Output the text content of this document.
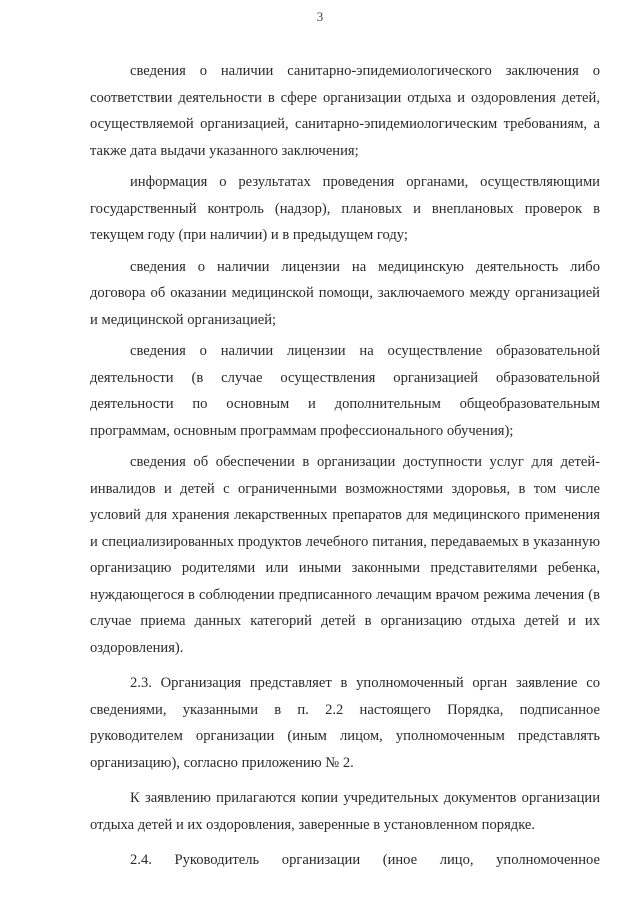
3

сведения о наличии санитарно-эпидемиологического заключения о соответствии деятельности в сфере организации отдыха и оздоровления детей, осуществляемой организацией, санитарно-эпидемиологическим требованиям, а также дата выдачи указанного заключения;

информация о результатах проведения органами, осуществляющими государственный контроль (надзор), плановых и внеплановых проверок в текущем году (при наличии) и в предыдущем году;

сведения о наличии лицензии на медицинскую деятельность либо договора об оказании медицинской помощи, заключаемого между организацией и медицинской организацией;

сведения о наличии лицензии на осуществление образовательной деятельности (в случае осуществления организацией образовательной деятельности по основным и дополнительным общеобразовательным программам, основным программам профессионального обучения);

сведения об обеспечении в организации доступности услуг для детей-инвалидов и детей с ограниченными возможностями здоровья, в том числе условий для хранения лекарственных препаратов для медицинского применения и специализированных продуктов лечебного питания, передаваемых в указанную организацию родителями или иными законными представителями ребенка, нуждающегося в соблюдении предписанного лечащим врачом режима лечения (в случае приема данных категорий детей в организацию отдыха детей и их оздоровления).

2.3. Организация представляет в уполномоченный орган заявление со сведениями, указанными в п. 2.2 настоящего Порядка, подписанное руководителем организации (иным лицом, уполномоченным представлять организацию), согласно приложению № 2.

К заявлению прилагаются копии учредительных документов организации отдыха детей и их оздоровления, заверенные в установленном порядке.

2.4. Руководитель организации (иное лицо, уполномоченное
